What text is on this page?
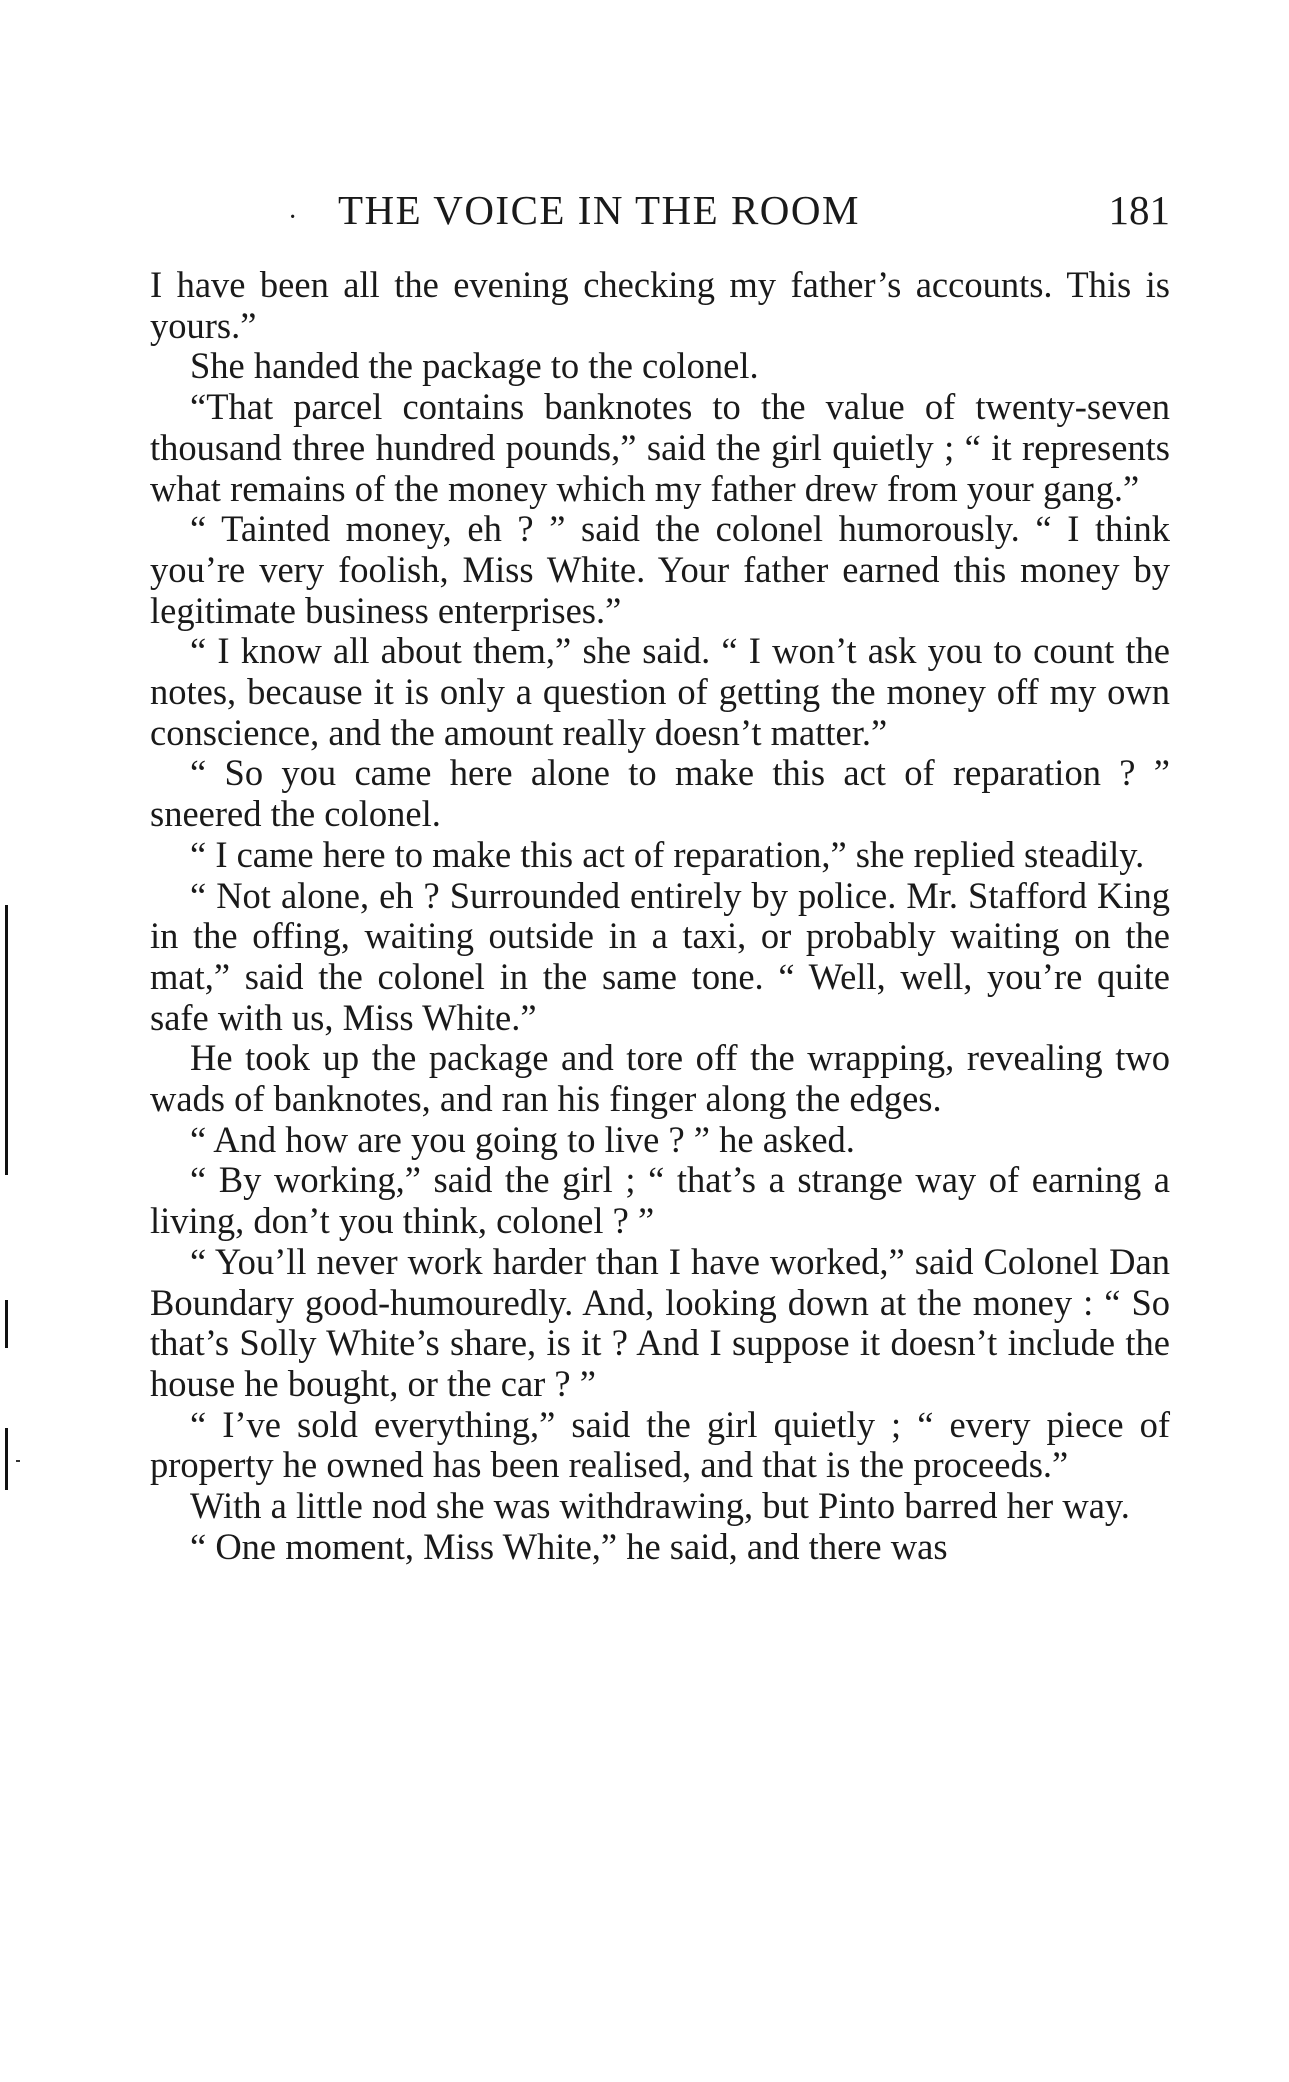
· THE VOICE IN THE ROOM	181

I have been all the evening checking my father’s accounts. This is yours.”

She handed the package to the colonel.

“That parcel contains banknotes to the value of twenty-seven thousand three hundred pounds,” said the girl quietly ; “ it represents what remains of the money which my father drew from your gang.”

“ Tainted money, eh ? ” said the colonel humorously. “ I think you’re very foolish, Miss White. Your father earned this money by legitimate business enterprises.”

“ I know all about them,” she said. “ I won’t ask you to count the notes, because it is only a question of getting the money off my own conscience, and the amount really doesn’t matter.”

“ So you came here alone to make this act of reparation ? ” sneered the colonel.

“ I came here to make this act of reparation,” she replied steadily.

“ Not alone, eh ? Surrounded entirely by police. Mr. Stafford King in the offing, waiting outside in a taxi, or probably waiting on the mat,” said the colonel in the same tone. “ Well, well, you’re quite safe with us, Miss White.”

He took up the package and tore off the wrapping, revealing two wads of banknotes, and ran his finger along the edges.

“ And how are you going to live ? ” he asked.

“ By working,” said the girl ; “ that’s a strange way of earning a living, don’t you think, colonel ? ”

“ You’ll never work harder than I have worked,” said Colonel Dan Boundary good-humouredly. And, looking down at the money : “ So that’s Solly White’s share, is it ? And I suppose it doesn’t include the house he bought, or the car ? ”

“ I’ve sold everything,” said the girl quietly ; “ every piece of property he owned has been realised, and that is the proceeds.”

With a little nod she was withdrawing, but Pinto barred her way.

“ One moment, Miss White,” he said, and there was
